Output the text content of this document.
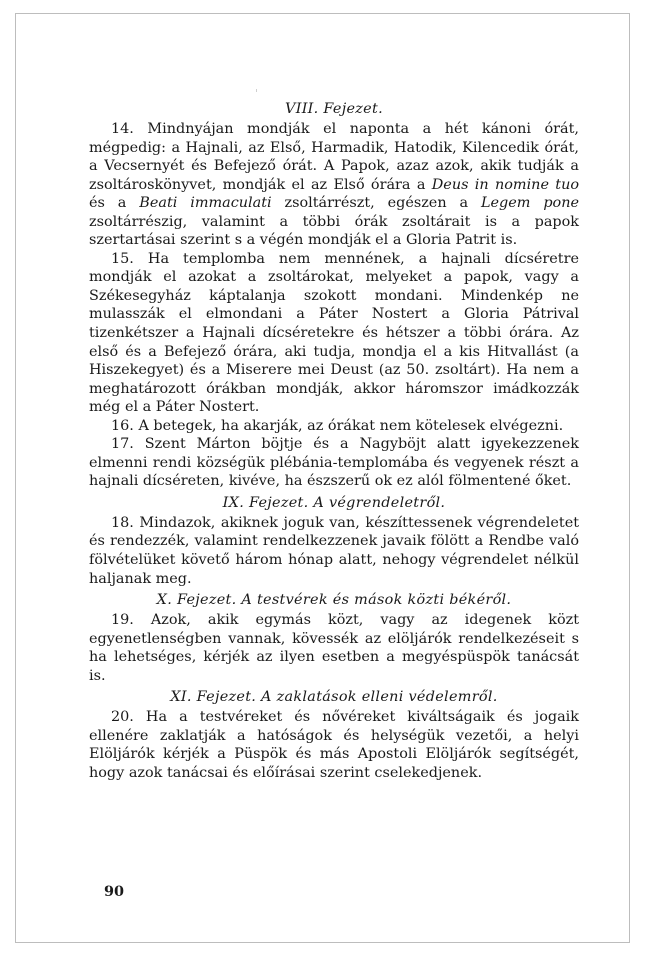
VIII. Fejezet.

14. Mindnyájan mondják el naponta a hét kánoni órát, mégpedig: a Hajnali, az Első, Harmadik, Hatodik, Kilencedik órát, a Vecsernyét és Befejező órát. A Papok, azaz azok, akik tudják a zsoltároskönyvet, mondják el az Első órára a Deus in nomine tuo és a Beati immaculati zsoltárrészt, egészen a Legem pone zsoltárrészig, valamint a többi órák zsoltárait is a papok szertartásai szerint s a végén mondják el a Gloria Patrit is.

15. Ha templomba nem mennének, a hajnali dícséretre mondják el azokat a zsoltárokat, melyeket a papok, vagy a Székesegyház káptalanja szokott mondani. Mindenkép ne mulasszák el elmondani a Páter Nostert a Gloria Pátrival tizenkétszer a Hajnali dícséretekre és hétszer a többi órára. Az első és a Befejező órára, aki tudja, mondja el a kis Hitvallást (a Hiszekegyet) és a Miserere mei Deust (az 50. zsoltárt). Ha nem a meghatározott órákban mondják, akkor háromszor imádkozzák még el a Páter Nostert.

16. A betegek, ha akarják, az órákat nem kötelesek elvégezni.

17. Szent Márton böjtje és a Nagyböjt alatt igyekezzenek elmenni rendi községük plébánia-templomába és vegyenek részt a hajnali dícséreten, kivéve, ha észszerű ok ez alól fölmentené őket.

IX. Fejezet. A végrendeletről.

18. Mindazok, akiknek joguk van, készíttessenek végrendeletet és rendezzék, valamint rendelkezzenek javaik fölött a Rendbe való fölvételüket követő három hónap alatt, nehogy végrendelet nélkül haljanak meg.

X. Fejezet. A testvérek és mások közti békéről.

19. Azok, akik egymás közt, vagy az idegenek közt egyenetlenségben vannak, kövessék az elöljárók rendelkezéseit s ha lehetséges, kérjék az ilyen esetben a megyéspüspök tanácsát is.

XI. Fejezet. A zaklatások elleni védelemről.

20. Ha a testvéreket és nővéreket kiváltságaik és jogaik ellenére zaklatják a hatóságok és helységük vezetői, a helyi Elöljárók kérjék a Püspök és más Apostoli Elöljárók segítségét, hogy azok tanácsai és előírásai szerint cselekedjenek.

90
